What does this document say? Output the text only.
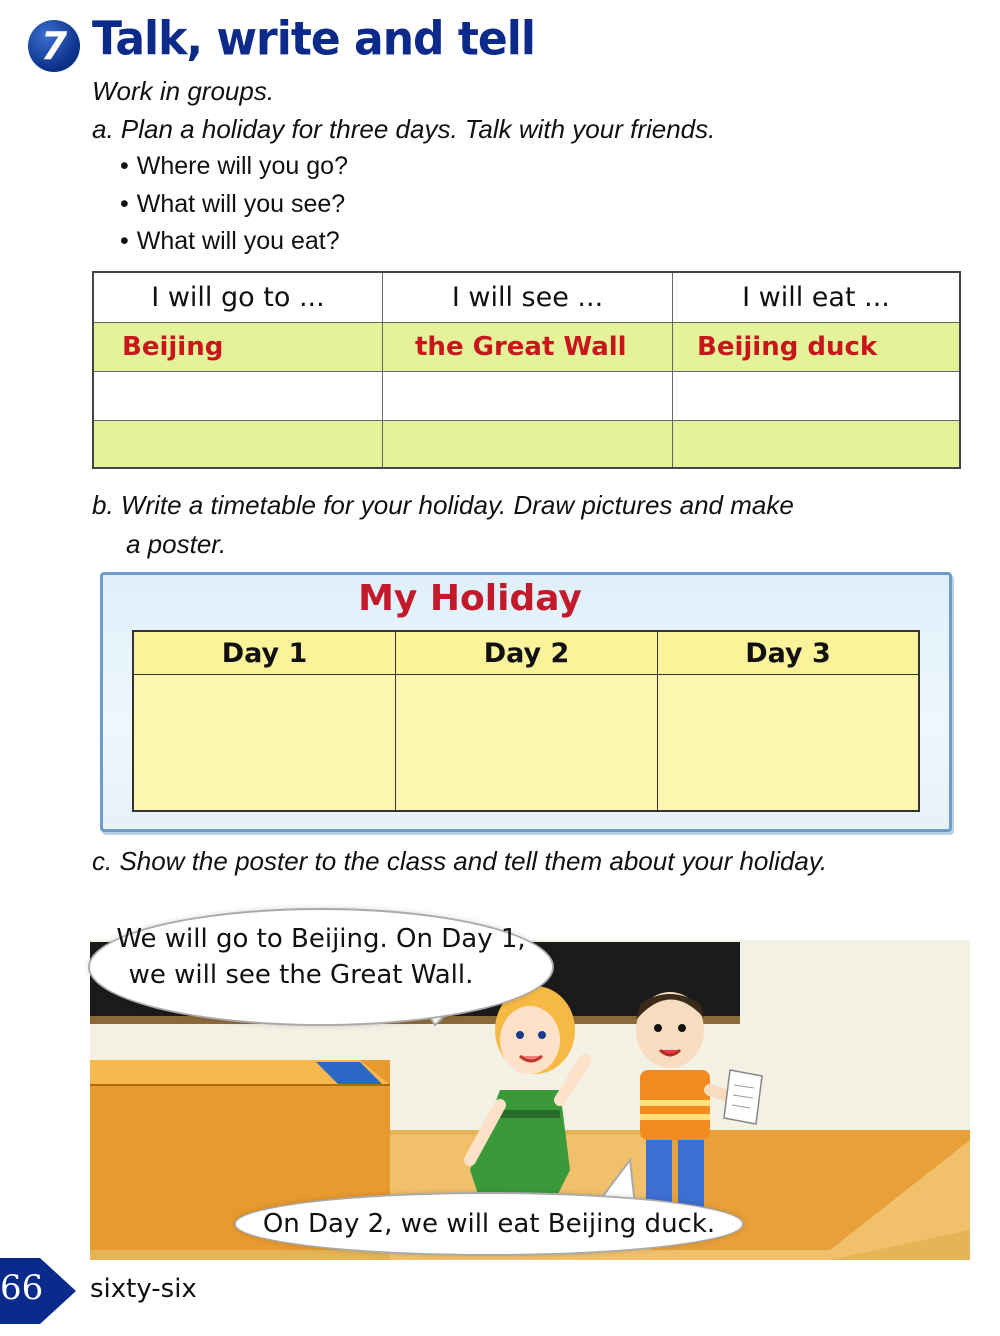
7 Talk, write and tell
Work in groups.
a. Plan a holiday for three days. Talk with your friends.
• Where will you go?
• What will you see?
• What will you eat?
I will go to ...	I will see ...	I will eat ...
Beijing	the Great Wall	Beijing duck
b. Write a timetable for your holiday. Draw pictures and make
a poster.
My Holiday
Day 1	Day 2	Day 3
c. Show the poster to the class and tell them about your holiday.
We will go to Beijing. On Day 1,
we will see the Great Wall.
On Day 2, we will eat Beijing duck.
66 sixty-six
